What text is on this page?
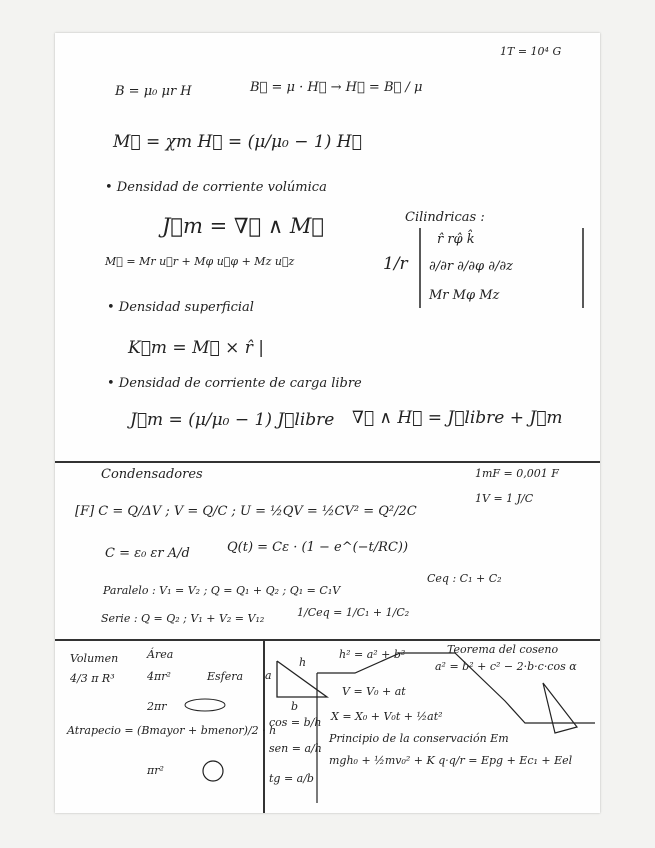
1T = 10⁴ G
B = μ₀ μr H	B⃗ = μ · H⃗ → H⃗ = B⃗ / μ
M⃗ = χm H⃗ = (μ/μ₀ − 1) H⃗
• Densidad de corriente volúmica
J⃗m = ∇⃗ ∧ M⃗	Cilindricas :
M⃗ = Mr u⃗r + Mφ u⃗φ + Mz u⃗z	1/r
r̂ rφ̂ k̂
∂/∂r ∂/∂φ ∂/∂z
Mr Mφ Mz
• Densidad superficial
K⃗m = M⃗ × r̂ |
• Densidad de corriente de carga libre
J⃗m = (μ/μ₀ − 1) J⃗libre ∇⃗ ∧ H⃗ = J⃗libre + J⃗m
Condensadores	1mF = 0,001 F
[F] C = Q/ΔV ; V = Q/C ; U = ½QV = ½CV² = Q²/2C
1V = 1 J/C
C = ε₀ εr A/d	Q(t) = Cε · (1 − e^(−t/RC))
Paralelo : V₁ = V₂ ; Q = Q₁ + Q₂ ; Q₁ = C₁V
Ceq : C₁ + C₂
Serie : Q = Q₂ ; V₁ + V₂ = V₁₂	1/Ceq = 1/C₁ + 1/C₂
Volumen	Área
4/3 π R³	4πr²	Esfera
2πr
Atrapecio = (Bmayor + bmenor)/2 · h
πr²
h
a
b
cos = b/h
sen = a/h
tg = a/b
h² = a² + b²	Teorema del coseno
a² = b² + c² − 2·b·c·cos α
V = V₀ + at
X = X₀ + V₀t + ½at²
Principio de la conservación Em
mgh₀ + ½mv₀² + K q·q/r = Epg + Ec₁ + Eel
